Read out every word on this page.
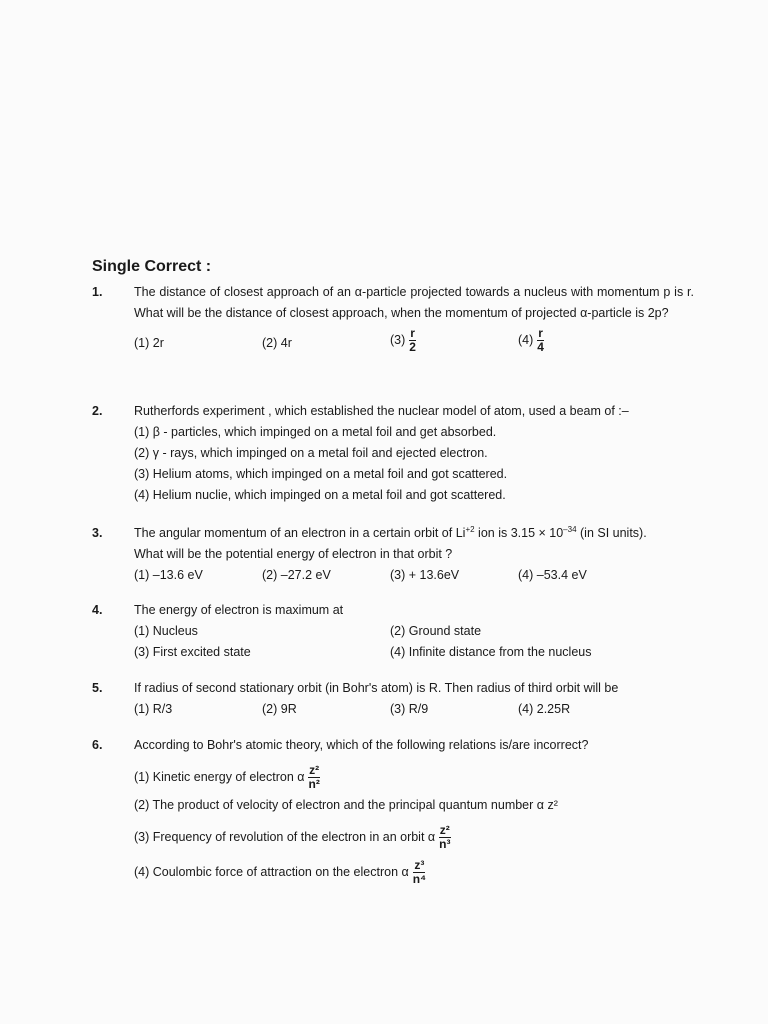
Single Correct :
1.	The distance of closest approach of an α-particle projected towards a nucleus with momentum p is r. What will be the distance of closest approach, when the momentum of projected α-particle is 2p?
(1) 2r	(2) 4r	$(3) \frac{r}{2}$	$(4) \frac{r}{4}$
2.	Rutherfords experiment , which established the nuclear model of atom, used a beam of :–
(1) β - particles, which impinged on a metal foil and get absorbed.
(2) γ - rays, which impinged on a metal foil and ejected electron.
(3) Helium atoms, which impinged on a metal foil and got scattered.
(4) Helium nuclie, which impinged on a metal foil and got scattered.
3.	The angular momentum of an electron in a certain orbit of $Li^{+2}$ ion is $3.15 \times 10^{-34}$ (in SI units).
What will be the potential energy of electron in that orbit ?
(1) –13.6 eV	(2) –27.2 eV	(3) + 13.6eV	(4) –53.4 eV
4.	The energy of electron is maximum at
(1) Nucleus	(2) Ground state
(3) First excited state	(4) Infinite distance from the nucleus
5.	If radius of second stationary orbit (in Bohr's atom) is R. Then radius of third orbit will be
(1) R/3	(2) 9R	(3) R/9	(4) 2.25R
6.	According to Bohr's atomic theory, which of the following relations is/are incorrect?
(1) Kinetic energy of electron α $\frac{\text{z²}}{\text{n²}}$
(2) The product of velocity of electron and the principal quantum number α z²
(3) Frequency of revolution of the electron in an orbit α $\frac{\text{z²}}{\text{n³}}$
(4) Coulombic force of attraction on the electron α $\frac{\text{z³}}{\text{n⁴}}$
